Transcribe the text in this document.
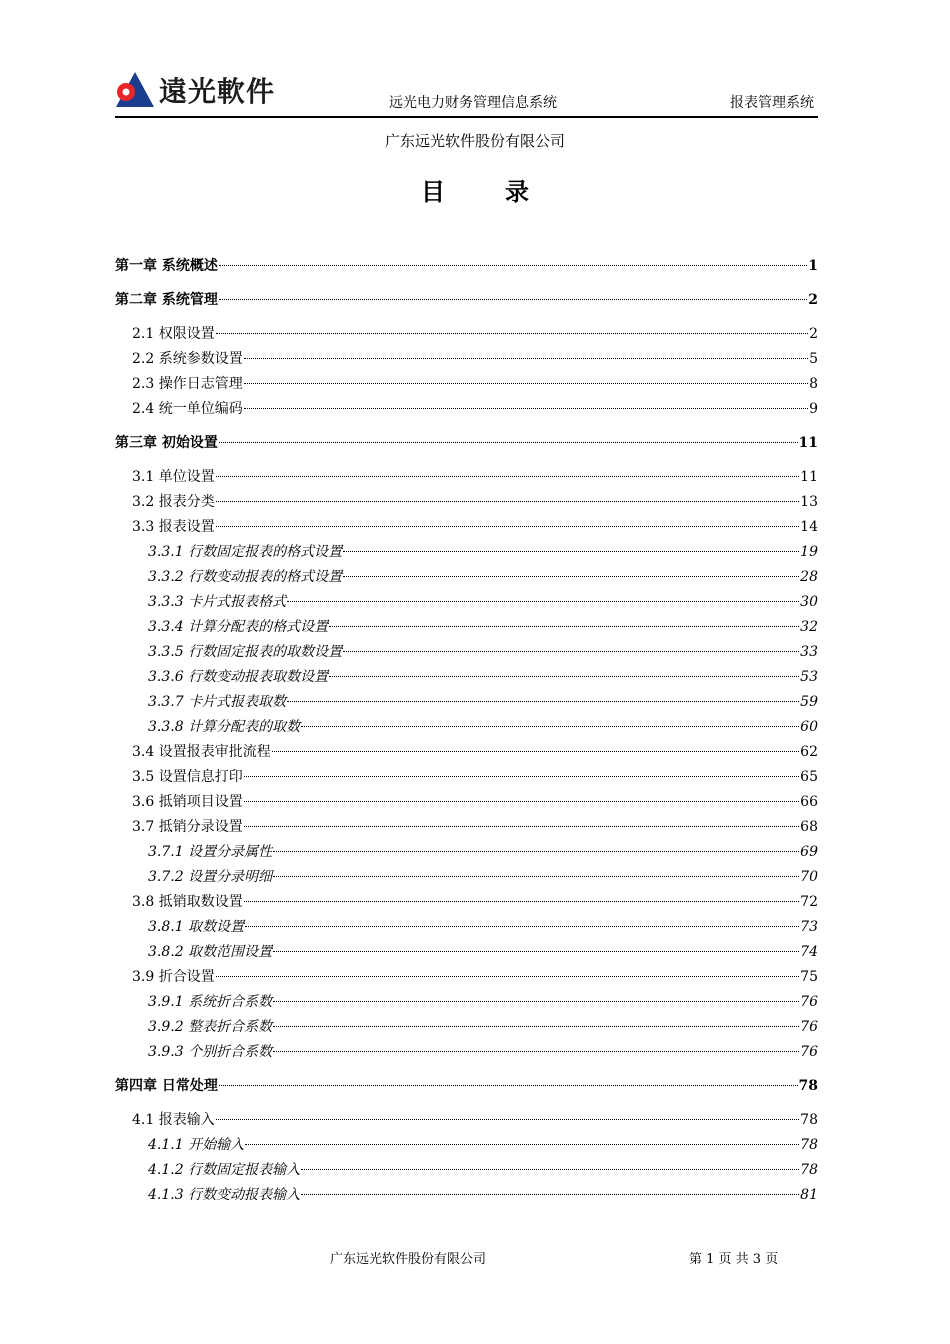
遠光軟件	远光电力财务管理信息系统	报表管理系统
广东远光软件股份有限公司
目录
第一章 系统概述	1
第二章 系统管理	2
2.1 权限设置	2
2.2 系统参数设置	5
2.3 操作日志管理	8
2.4 统一单位编码	9
第三章 初始设置	11
3.1 单位设置	11
3.2 报表分类	13
3.3 报表设置	14
3.3.1 行数固定报表的格式设置	19
3.3.2 行数变动报表的格式设置	28
3.3.3 卡片式报表格式	30
3.3.4 计算分配表的格式设置	32
3.3.5 行数固定报表的取数设置	33
3.3.6 行数变动报表取数设置	53
3.3.7 卡片式报表取数	59
3.3.8 计算分配表的取数	60
3.4 设置报表审批流程	62
3.5 设置信息打印	65
3.6 抵销项目设置	66
3.7 抵销分录设置	68
3.7.1 设置分录属性	69
3.7.2 设置分录明细	70
3.8 抵销取数设置	72
3.8.1 取数设置	73
3.8.2 取数范围设置	74
3.9 折合设置	75
3.9.1 系统折合系数	76
3.9.2 整表折合系数	76
3.9.3 个别折合系数	76
第四章 日常处理	78
4.1 报表输入	78
4.1.1 开始输入	78
4.1.2 行数固定报表输入	78
4.1.3 行数变动报表输入	81
广东远光软件股份有限公司	第 1 页 共 3 页
